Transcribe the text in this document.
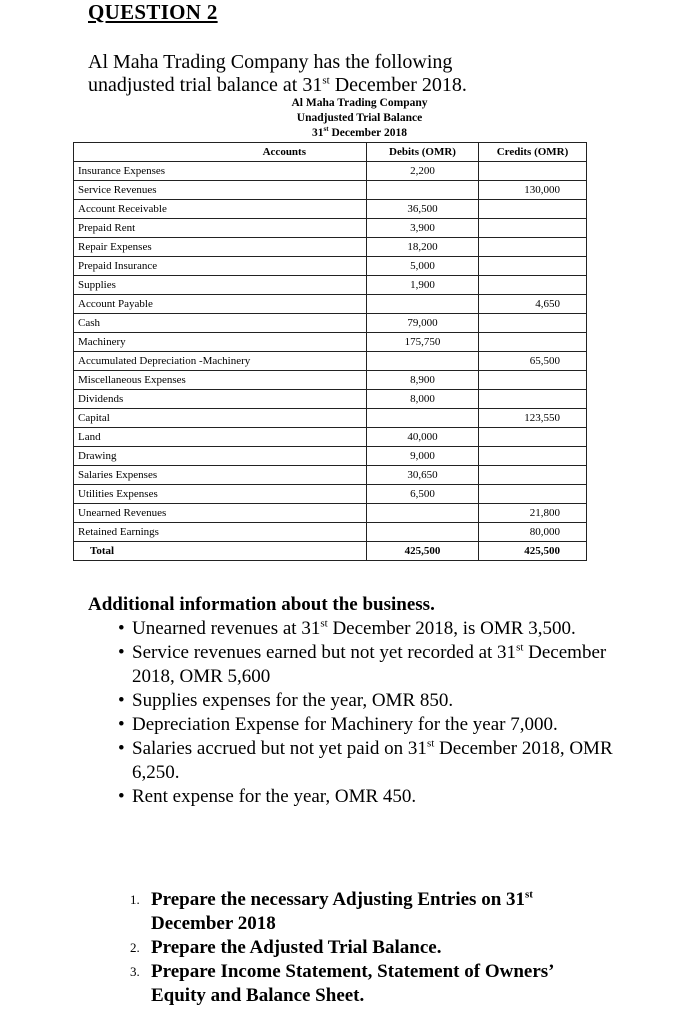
QUESTION 2
Al Maha Trading Company has the following
unadjusted trial balance at 31st December 2018.
Al Maha Trading Company
Unadjusted Trial Balance
31st December 2018
Accounts	Debits (OMR)	Credits (OMR)
Insurance Expenses	2,200	
Service Revenues		130,000
Account Receivable	36,500	
Prepaid Rent	3,900	
Repair Expenses	18,200	
Prepaid Insurance	5,000	
Supplies	1,900	
Account Payable		4,650
Cash	79,000	
Machinery	175,750	
Accumulated Depreciation -Machinery		65,500
Miscellaneous Expenses	8,900	
Dividends	8,000	
Capital		123,550
Land	40,000	
Drawing	9,000	
Salaries Expenses	30,650	
Utilities Expenses	6,500	
Unearned Revenues		21,800
Retained Earnings		80,000
Total	425,500	425,500
Additional information about the business.
• Unearned revenues at 31st December 2018, is OMR 3,500.
• Service revenues earned but not yet recorded at 31st December 2018, OMR 5,600
• Supplies expenses for the year, OMR 850.
• Depreciation Expense for Machinery for the year 7,000.
• Salaries accrued but not yet paid on 31st December 2018, OMR 6,250.
• Rent expense for the year, OMR 450.
1. Prepare the necessary Adjusting Entries on 31st December 2018
2. Prepare the Adjusted Trial Balance.
3. Prepare Income Statement, Statement of Owners’ Equity and Balance Sheet.
